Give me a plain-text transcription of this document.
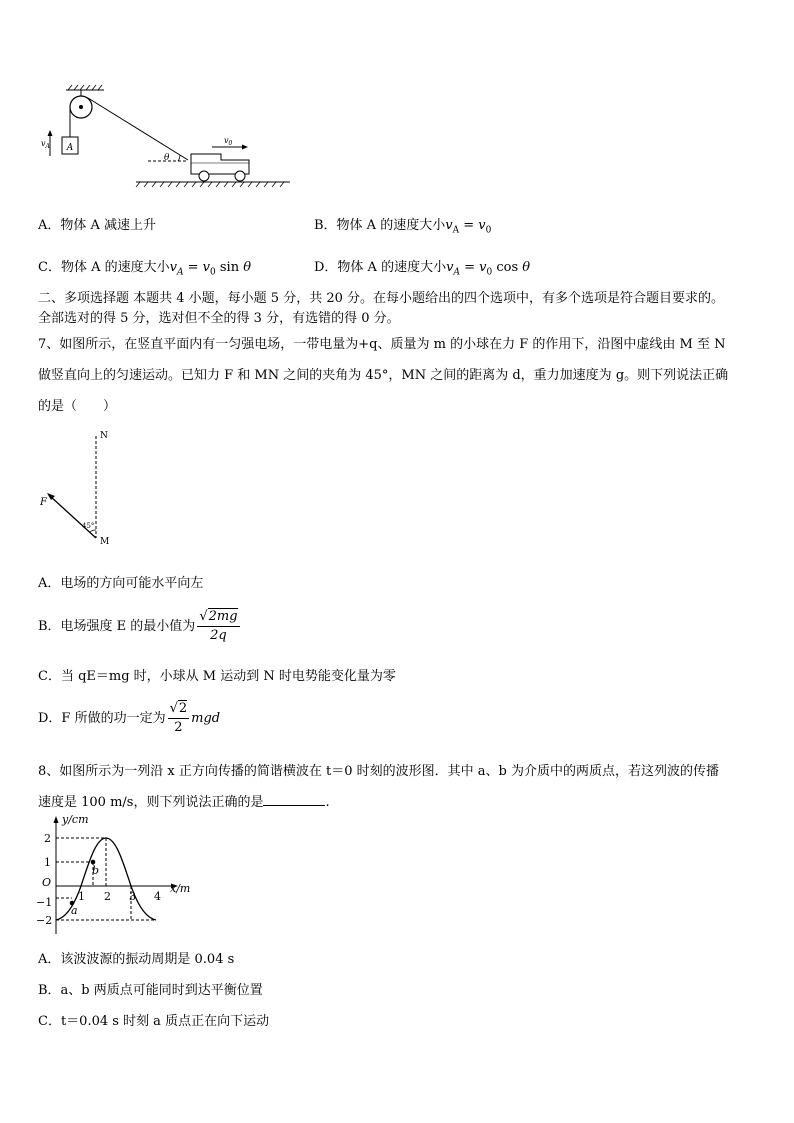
A
$v_A$
θ
$v_0$
A．物体 A 减速上升	B．物体 A 的速度大小$v_A = v_0$
C．物体 A 的速度大小$v_A = v_0$ sin θ	D．物体 A 的速度大小$v_A = v_0$ cos θ
二、多项选择题 本题共 4 小题，每小题 5 分，共 20 分。在每小题给出的四个选项中，有多个选项是符合题目要求的。
全部选对的得 5 分，选对但不全的得 3 分，有选错的得 0 分。
7、如图所示，在竖直平面内有一匀强电场，一带电量为+q、质量为 m 的小球在力 F 的作用下，沿图中虚线由 M 至 N
做竖直向上的匀速运动。已知力 F 和 MN 之间的夹角为 45°，MN 之间的距离为 d，重力加速度为 g。则下列说法正确
的是（　　）
N
F
45°
M
A．电场的方向可能水平向左
B．电场强度 E 的最小值为 $\frac{√2mg}{2q}$
C．当 qE＝mg 时，小球从 M 运动到 N 时电势能变化量为零
D．F 所做的功一定为 $\frac{√2}{2}$ mgd
8、如图所示为一列沿 x 正方向传播的简谐横波在 t＝0 时刻的波形图．其中 a、b 为介质中的两质点，若这列波的传播
速度是 100 m/s，则下列说法正确的是	.
y/cm
x/m
O
2
1
−1
−2
1 2 3 4
b
a
A．该波波源的振动周期是 0.04 s
B．a、b 两质点可能同时到达平衡位置
C．t＝0.04 s 时刻 a 质点正在向下运动
